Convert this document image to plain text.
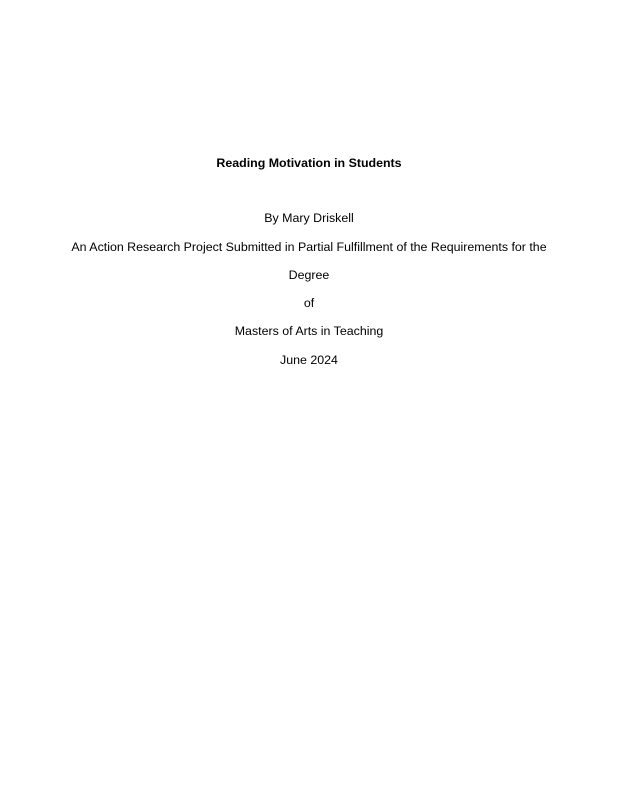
Reading Motivation in Students
By Mary Driskell
An Action Research Project Submitted in Partial Fulfillment of the Requirements for the
Degree
of
Masters of Arts in Teaching
June 2024
